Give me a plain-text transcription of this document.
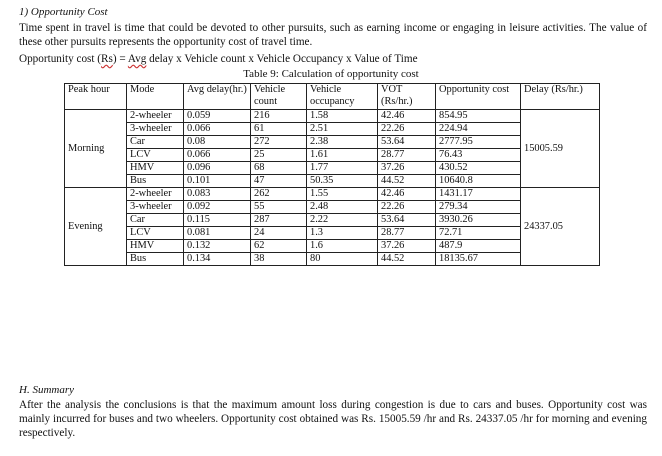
1) Opportunity Cost
Time spent in travel is time that could be devoted to other pursuits, such as earning income or engaging in leisure activities. The value of these other pursuits represents the opportunity cost of travel time.
Opportunity cost (Rs) = Avg delay x Vehicle count x Vehicle Occupancy x Value of Time
Table 9: Calculation of opportunity cost
Peak hour	Mode	Avg delay(hr.)	Vehicle count	Vehicle occupancy	VOT (Rs/hr.)	Opportunity cost	Delay (Rs/hr.)
Morning	2-wheeler	0.059	216	1.58	42.46	854.95	15005.59

	3-wheeler	0.066	61	2.51	22.26	224.94	

	Car	0.08	272	2.38	53.64	2777.95	
	LCV	0.066	25	1.61	28.77	76.43	
	HMV	0.096	68	1.77	37.26	430.52	
	Bus	0.101	47	50.35	44.52	10640.8	
Evening	2-wheeler	0.083	262	1.55	42.46	1431.17	24337.05

	3-wheeler	0.092	55	2.48	22.26	279.34	

	Car	0.115	287	2.22	53.64	3930.26	
	LCV	0.081	24	1.3	28.77	72.71	
	HMV	0.132	62	1.6	37.26	487.9	
	Bus	0.134	38	80	44.52	18135.67	
H. Summary
After the analysis the conclusions is that the maximum amount loss during congestion is due to cars and buses. Opportunity cost was mainly incurred for buses and two wheelers. Opportunity cost obtained was Rs. 15005.59 /hr and Rs. 24337.05 /hr for morning and evening respectively.
